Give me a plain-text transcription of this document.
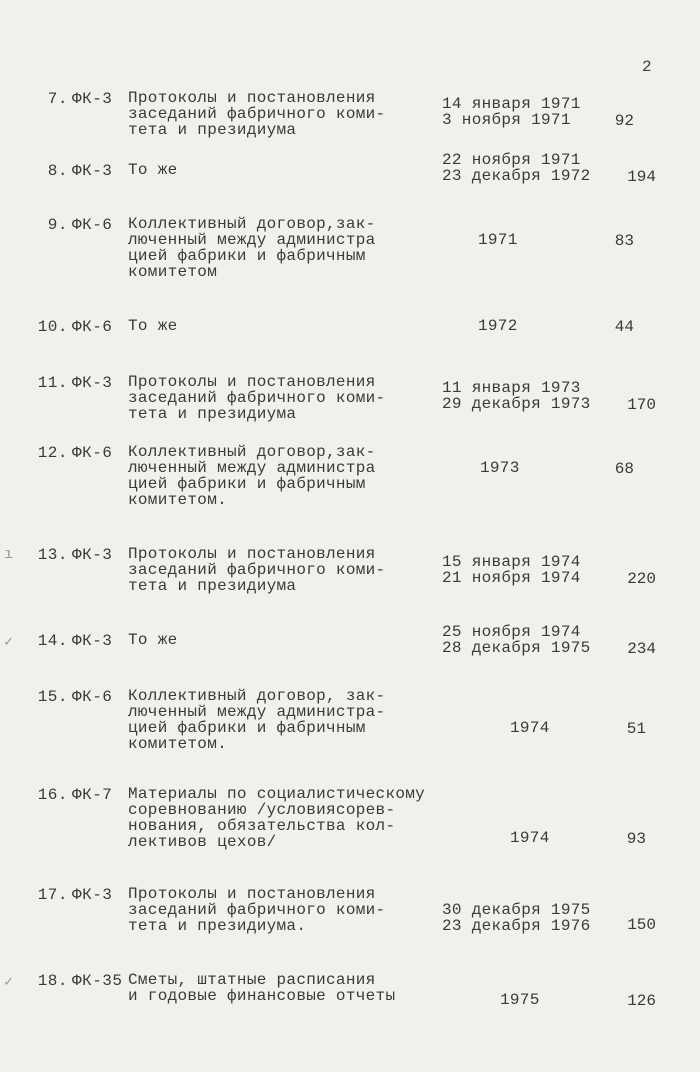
2
7. ФК-3 Протоколы и постановления
заседаний фабричного коми-
тета и президиума
14 января 1971
3 ноября 1971	92
8. ФК-3 То же
22 ноября 1971
23 декабря 1972	194
9. ФК-6 Коллективный договор,зак-
люченный между администра
цией фабрики и фабричным
комитетом
1971	83
10. ФК-6 То же	1972	44
11. ФК-3 Протоколы и постановления
заседаний фабричного коми-
тета и президиума
11 января 1973
29 декабря 1973	170
12. ФК-6 Коллективный договор,зак-
люченный между администра
цией фабрики и фабричным
комитетом.
1973	68
ı 13. ФК-3 Протоколы и постановления
заседаний фабричного коми-
тета и президиума
15 января 1974
21 ноября 1974	220
✓ 14. ФК-3 То же	25 ноября 1974
28 декабря 1975	234
15. ФК-6 Коллективный договор, зак-
люченный между администра-
цией фабрики и фабричным
комитетом.
1974	51
16. ФК-7 Материалы по социалистическому
соревнованию /условиясорев-
нования, обязательства кол-
лективов цехов/	1974	93
17. ФК-3 Протоколы и постановления
заседаний фабричного коми-
тета и президиума.
30 декабря 1975
23 декабря 1976	150
✓ 18. ФК-35 Сметы, штатные расписания
и годовые финансовые отчеты	1975	126
